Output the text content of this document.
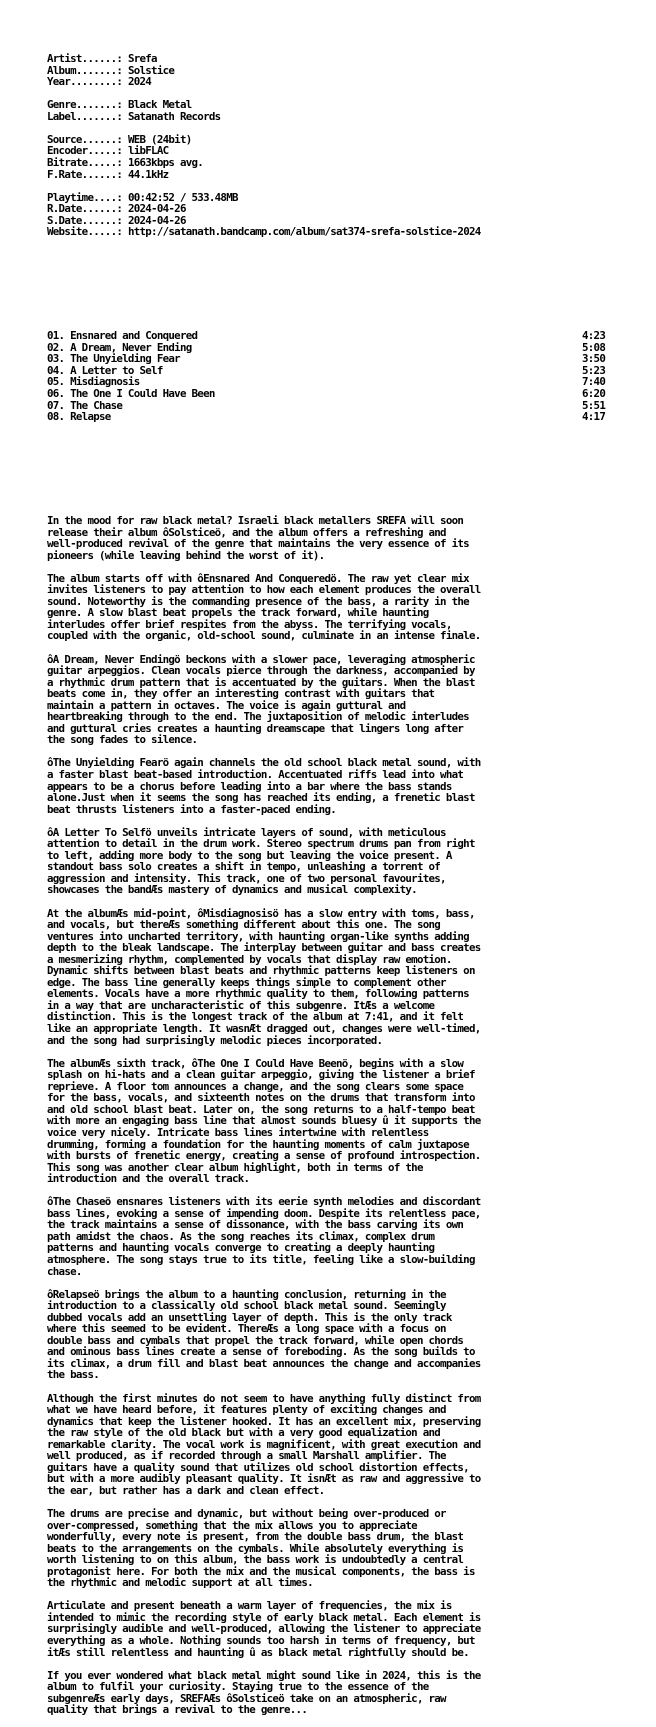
Artist......: Srefa
Album.......: Solstice
Year........: 2024
Genre.......: Black Metal
Label.......: Satanath Records
Source......: WEB (24bit)
Encoder.....: libFLAC
Bitrate.....: 1663kbps avg.
F.Rate......: 44.1kHz
Playtime....: 00:42:52 / 533.48MB
R.Date......: 2024-04-26
S.Date......: 2024-04-26
Website.....: http://satanath.bandcamp.com/album/sat374-srefa-solstice-2024

01. Ensnared and Conquered	4:23
02. A Dream, Never Ending	5:08
03. The Unyielding Fear	3:50
04. A Letter to Self	5:23
05. Misdiagnosis	7:40
06. The One I Could Have Been	6:20
07. The Chase	5:51
08. Relapse	4:17

In the mood for raw black metal? Israeli black metallers SREFA will soon
release their album ôSolsticeö, and the album offers a refreshing and
well-produced revival of the genre that maintains the very essence of its
pioneers (while leaving behind the worst of it).
The album starts off with ôEnsnared And Conqueredö. The raw yet clear mix
invites listeners to pay attention to how each element produces the overall
sound. Noteworthy is the commanding presence of the bass, a rarity in the
genre. A slow blast beat propels the track forward, while haunting
interludes offer brief respites from the abyss. The terrifying vocals,
coupled with the organic, old-school sound, culminate in an intense finale.
ôA Dream, Never Endingö beckons with a slower pace, leveraging atmospheric
guitar arpeggios. Clean vocals pierce through the darkness, accompanied by
a rhythmic drum pattern that is accentuated by the guitars. When the blast
beats come in, they offer an interesting contrast with guitars that
maintain a pattern in octaves. The voice is again guttural and
heartbreaking through to the end. The juxtaposition of melodic interludes
and guttural cries creates a haunting dreamscape that lingers long after
the song fades to silence.
ôThe Unyielding Fearö again channels the old school black metal sound, with
a faster blast beat-based introduction. Accentuated riffs lead into what
appears to be a chorus before leading into a bar where the bass stands
alone.Just when it seems the song has reached its ending, a frenetic blast
beat thrusts listeners into a faster-paced ending.
ôA Letter To Selfö unveils intricate layers of sound, with meticulous
attention to detail in the drum work. Stereo spectrum drums pan from right
to left, adding more body to the song but leaving the voice present. A
standout bass solo creates a shift in tempo, unleashing a torrent of
aggression and intensity. This track, one of two personal favourites,
showcases the bandÆs mastery of dynamics and musical complexity.
At the albumÆs mid-point, ôMisdiagnosisö has a slow entry with toms, bass,
and vocals, but thereÆs something different about this one. The song
ventures into uncharted territory, with haunting organ-like synths adding
depth to the bleak landscape. The interplay between guitar and bass creates
a mesmerizing rhythm, complemented by vocals that display raw emotion.
Dynamic shifts between blast beats and rhythmic patterns keep listeners on
edge. The bass line generally keeps things simple to complement other
elements. Vocals have a more rhythmic quality to them, following patterns
in a way that are uncharacteristic of this subgenre. ItÆs a welcome
distinction. This is the longest track of the album at 7:41, and it felt
like an appropriate length. It wasnÆt dragged out, changes were well-timed,
and the song had surprisingly melodic pieces incorporated.
The albumÆs sixth track, ôThe One I Could Have Beenö, begins with a slow
splash on hi-hats and a clean guitar arpeggio, giving the listener a brief
reprieve. A floor tom announces a change, and the song clears some space
for the bass, vocals, and sixteenth notes on the drums that transform into
and old school blast beat. Later on, the song returns to a half-tempo beat
with more an engaging bass line that almost sounds bluesy û it supports the
voice very nicely. Intricate bass lines intertwine with relentless
drumming, forming a foundation for the haunting moments of calm juxtapose
with bursts of frenetic energy, creating a sense of profound introspection.
This song was another clear album highlight, both in terms of the
introduction and the overall track.
ôThe Chaseö ensnares listeners with its eerie synth melodies and discordant
bass lines, evoking a sense of impending doom. Despite its relentless pace,
the track maintains a sense of dissonance, with the bass carving its own
path amidst the chaos. As the song reaches its climax, complex drum
patterns and haunting vocals converge to creating a deeply haunting
atmosphere. The song stays true to its title, feeling like a slow-building
chase.
ôRelapseö brings the album to a haunting conclusion, returning in the
introduction to a classically old school black metal sound. Seemingly
dubbed vocals add an unsettling layer of depth. This is the only track
where this seemed to be evident. ThereÆs a long space with a focus on
double bass and cymbals that propel the track forward, while open chords
and ominous bass lines create a sense of foreboding. As the song builds to
its climax, a drum fill and blast beat announces the change and accompanies
the bass.
Although the first minutes do not seem to have anything fully distinct from
what we have heard before, it features plenty of exciting changes and
dynamics that keep the listener hooked. It has an excellent mix, preserving
the raw style of the old black but with a very good equalization and
remarkable clarity. The vocal work is magnificent, with great execution and
well produced, as if recorded through a small Marshall amplifier. The
guitars have a quality sound that utilizes old school distortion effects,
but with a more audibly pleasant quality. It isnÆt as raw and aggressive to
the ear, but rather has a dark and clean effect.
The drums are precise and dynamic, but without being over-produced or
over-compressed, something that the mix allows you to appreciate
wonderfully, every note is present, from the double bass drum, the blast
beats to the arrangements on the cymbals. While absolutely everything is
worth listening to on this album, the bass work is undoubtedly a central
protagonist here. For both the mix and the musical components, the bass is
the rhythmic and melodic support at all times.
Articulate and present beneath a warm layer of frequencies, the mix is
intended to mimic the recording style of early black metal. Each element is
surprisingly audible and well-produced, allowing the listener to appreciate
everything as a whole. Nothing sounds too harsh in terms of frequency, but
itÆs still relentless and haunting û as black metal rightfully should be.
If you ever wondered what black metal might sound like in 2024, this is the
album to fulfil your curiosity. Staying true to the essence of the
subgenreÆs early days, SREFAÆs ôSolsticeö take on an atmospheric, raw
quality that brings a revival to the genre...
